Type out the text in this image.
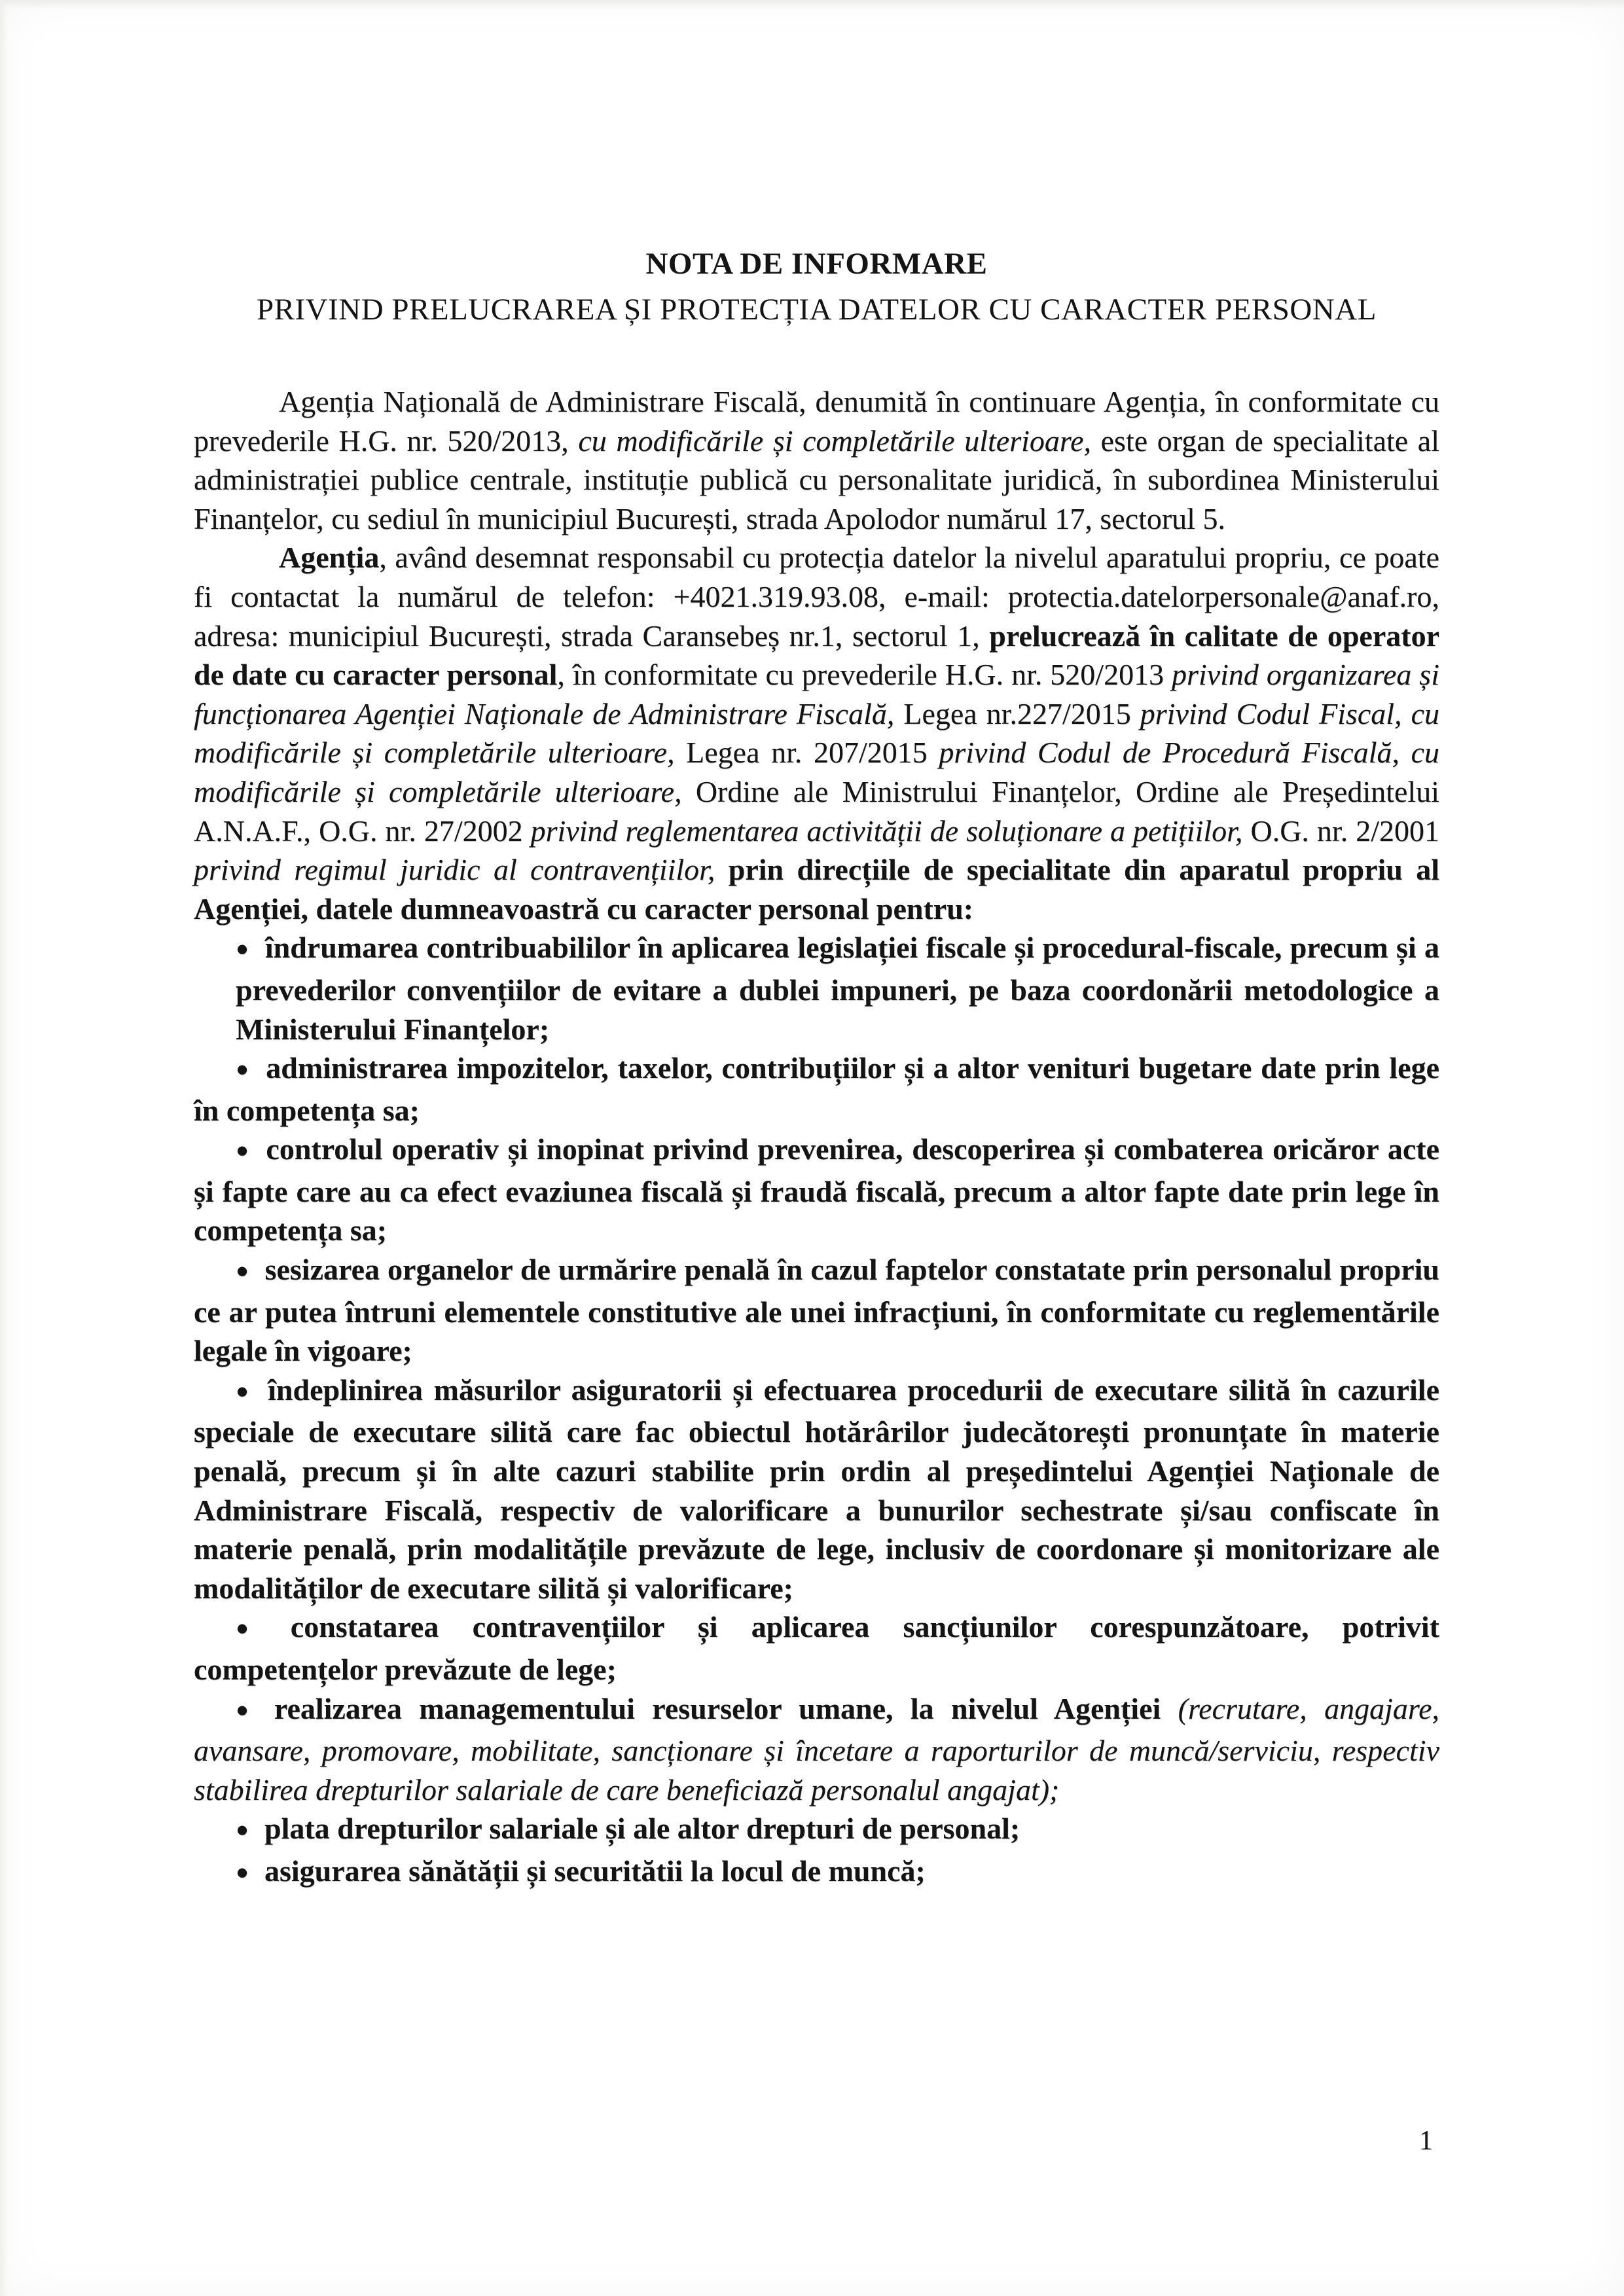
NOTA DE INFORMARE
PRIVIND PRELUCRAREA ȘI PROTECȚIA DATELOR CU CARACTER PERSONAL

Agenția Națională de Administrare Fiscală, denumită în continuare Agenția, în conformitate cu prevederile H.G. nr. 520/2013, cu modificările și completările ulterioare, este organ de specialitate al administrației publice centrale, instituție publică cu personalitate juridică, în subordinea Ministerului Finanțelor, cu sediul în municipiul București, strada Apolodor numărul 17, sectorul 5.

Agenția, având desemnat responsabil cu protecția datelor la nivelul aparatului propriu, ce poate fi contactat la numărul de telefon: +4021.319.93.08, e-mail: protectia.datelorpersonale@anaf.ro, adresa: municipiul București, strada Caransebeș nr.1, sectorul 1, prelucrează în calitate de operator de date cu caracter personal, în conformitate cu prevederile H.G. nr. 520/2013 privind organizarea și funcționarea Agenției Naționale de Administrare Fiscală, Legea nr.227/2015 privind Codul Fiscal, cu modificările și completările ulterioare, Legea nr. 207/2015 privind Codul de Procedură Fiscală, cu modificările și completările ulterioare, Ordine ale Ministrului Finanțelor, Ordine ale Președintelui A.N.A.F., O.G. nr. 27/2002 privind reglementarea activității de soluționare a petițiilor, O.G. nr. 2/2001 privind regimul juridic al contravențiilor, prin direcțiile de specialitate din aparatul propriu al Agenției, datele dumneavoastră cu caracter personal pentru:

● îndrumarea contribuabililor în aplicarea legislației fiscale și procedural-fiscale, precum și a prevederilor convențiilor de evitare a dublei impuneri, pe baza coordonării metodologice a Ministerului Finanțelor;

● administrarea impozitelor, taxelor, contribuțiilor și a altor venituri bugetare date prin lege în competența sa;

● controlul operativ și inopinat privind prevenirea, descoperirea și combaterea oricăror acte și fapte care au ca efect evaziunea fiscală și fraudă fiscală, precum a altor fapte date prin lege în competența sa;

● sesizarea organelor de urmărire penală în cazul faptelor constatate prin personalul propriu ce ar putea întruni elementele constitutive ale unei infracțiuni, în conformitate cu reglementările legale în vigoare;

● îndeplinirea măsurilor asiguratorii și efectuarea procedurii de executare silită în cazurile speciale de executare silită care fac obiectul hotărârilor judecătorești pronunțate în materie penală, precum și în alte cazuri stabilite prin ordin al președintelui Agenției Naționale de Administrare Fiscală, respectiv de valorificare a bunurilor sechestrate și/sau confiscate în materie penală, prin modalitățile prevăzute de lege, inclusiv de coordonare și monitorizare ale modalităților de executare silită și valorificare;

● constatarea contravențiilor și aplicarea sancțiunilor corespunzătoare, potrivit competențelor prevăzute de lege;

● realizarea managementului resurselor umane, la nivelul Agenției (recrutare, angajare, avansare, promovare, mobilitate, sancționare și încetare a raporturilor de muncă/serviciu, respectiv stabilirea drepturilor salariale de care beneficiază personalul angajat);

● plata drepturilor salariale și ale altor drepturi de personal;

● asigurarea sănătății și securitătii la locul de muncă;

1
